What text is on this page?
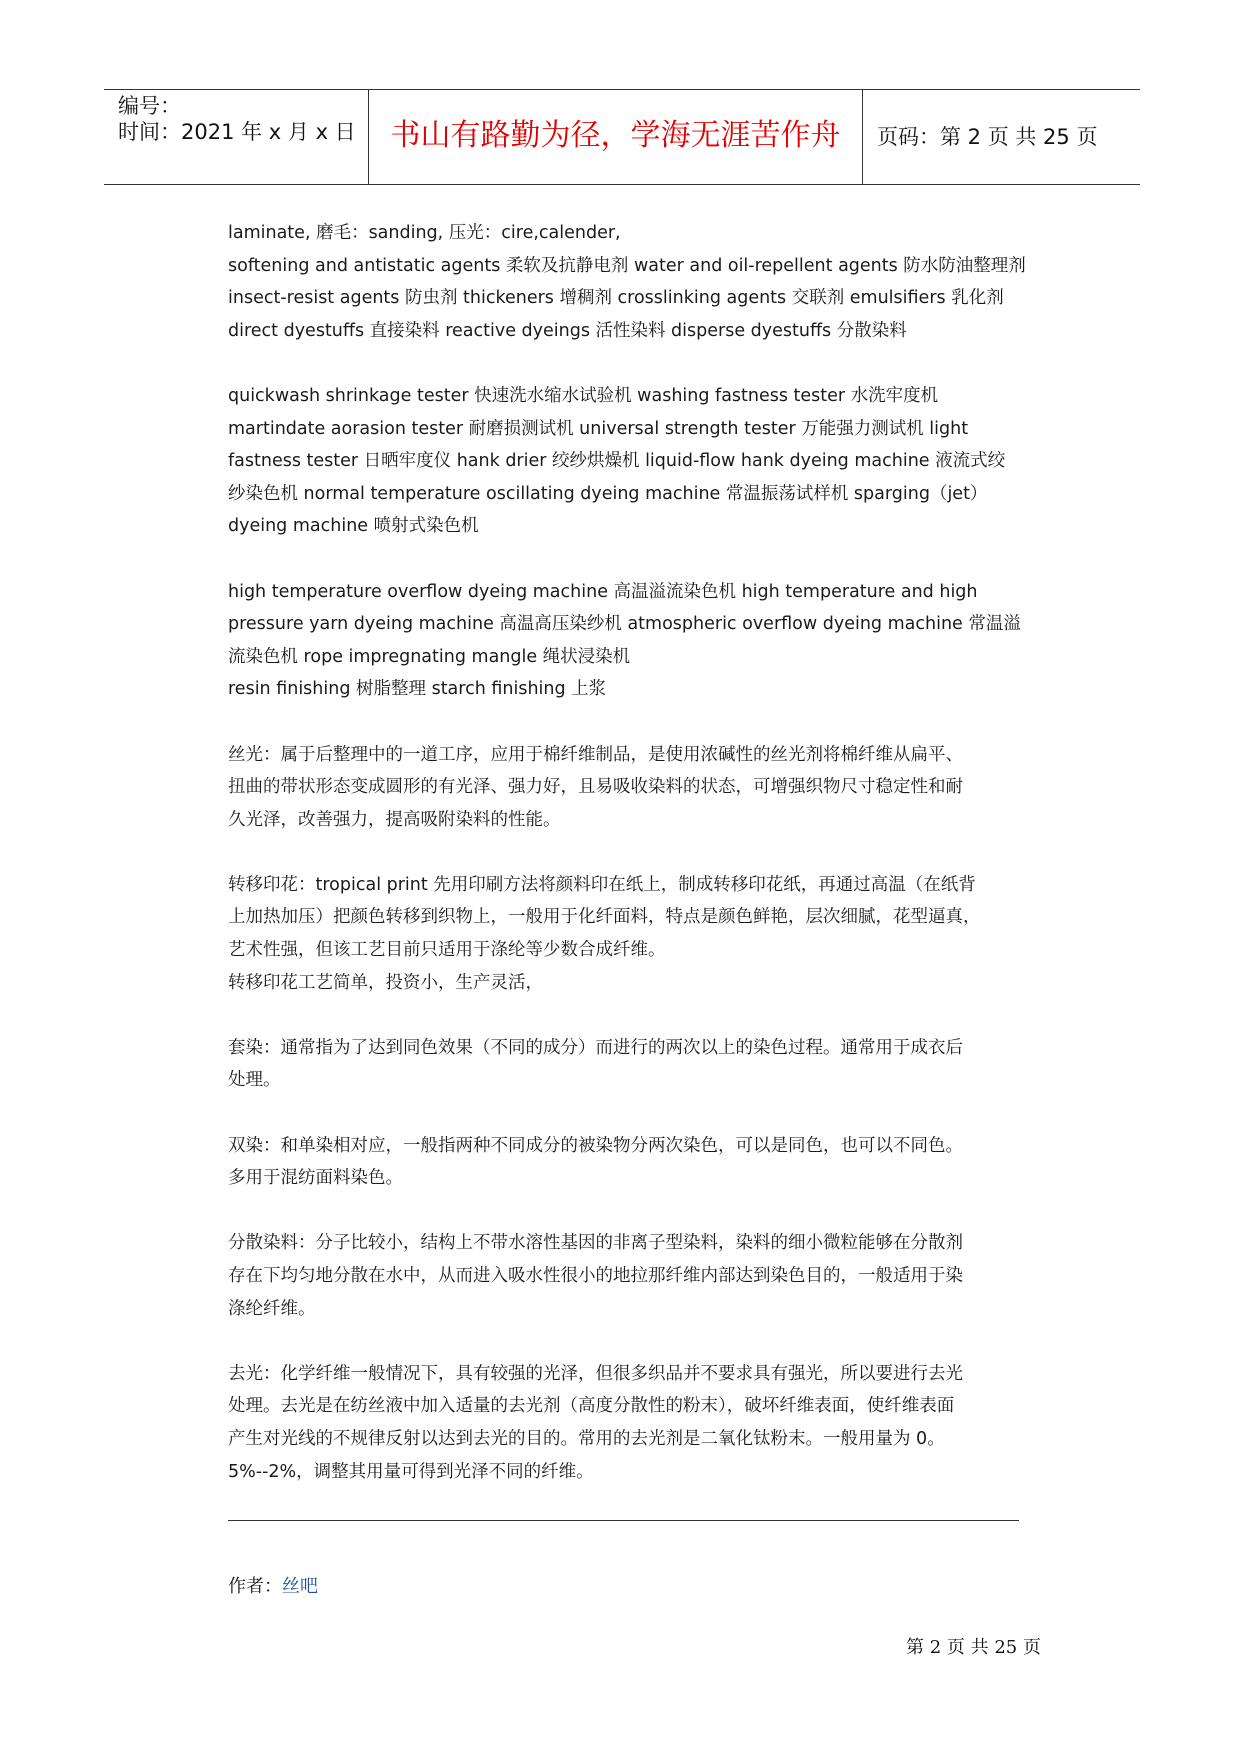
编号：
时间：2021 年 x 月 x 日	书山有路勤为径，学海无涯苦作舟	页码：第 2 页 共 25 页
laminate, 磨毛：sanding, 压光：cire,calender,
softening and antistatic agents 柔软及抗静电剂 water and oil-repellent agents 防水防油整理剂
insect-resist agents 防虫剂 thickeners 增稠剂 crosslinking agents 交联剂 emulsifiers 乳化剂
direct dyestuffs 直接染料 reactive dyeings 活性染料 disperse dyestuffs 分散染料
quickwash shrinkage tester 快速洗水缩水试验机 washing fastness tester 水洗牢度机
martindate aorasion tester 耐磨损测试机 universal strength tester 万能强力测试机 light
fastness tester 日晒牢度仪 hank drier 绞纱烘燥机 liquid-flow hank dyeing machine 液流式绞
纱染色机 normal temperature oscillating dyeing machine 常温振荡试样机 sparging（jet）
dyeing machine 喷射式染色机
high temperature overflow dyeing machine 高温溢流染色机 high temperature and high
pressure yarn dyeing machine 高温高压染纱机 atmospheric overflow dyeing machine 常温溢
流染色机 rope impregnating mangle 绳状浸染机
resin finishing 树脂整理 starch finishing 上浆
丝光：属于后整理中的一道工序，应用于棉纤维制品，是使用浓碱性的丝光剂将棉纤维从扁平、
扭曲的带状形态变成圆形的有光泽、强力好，且易吸收染料的状态，可增强织物尺寸稳定性和耐
久光泽，改善强力，提高吸附染料的性能。
转移印花：tropical print 先用印刷方法将颜料印在纸上，制成转移印花纸，再通过高温（在纸背
上加热加压）把颜色转移到织物上，一般用于化纤面料，特点是颜色鲜艳，层次细腻，花型逼真，
艺术性强，但该工艺目前只适用于涤纶等少数合成纤维。
转移印花工艺简单，投资小，生产灵活，
套染：通常指为了达到同色效果（不同的成分）而进行的两次以上的染色过程。通常用于成衣后
处理。
双染：和单染相对应，一般指两种不同成分的被染物分两次染色，可以是同色，也可以不同色。
多用于混纺面料染色。
分散染料：分子比较小，结构上不带水溶性基因的非离子型染料，染料的细小微粒能够在分散剂
存在下均匀地分散在水中，从而进入吸水性很小的地拉那纤维内部达到染色目的，一般适用于染
涤纶纤维。
去光：化学纤维一般情况下，具有较强的光泽，但很多织品并不要求具有强光，所以要进行去光
处理。去光是在纺丝液中加入适量的去光剂（高度分散性的粉末），破坏纤维表面，使纤维表面
产生对光线的不规律反射以达到去光的目的。常用的去光剂是二氧化钛粉末。一般用量为 0。
5%--2%，调整其用量可得到光泽不同的纤维。
作者：丝吧
第 2 页 共 25 页
